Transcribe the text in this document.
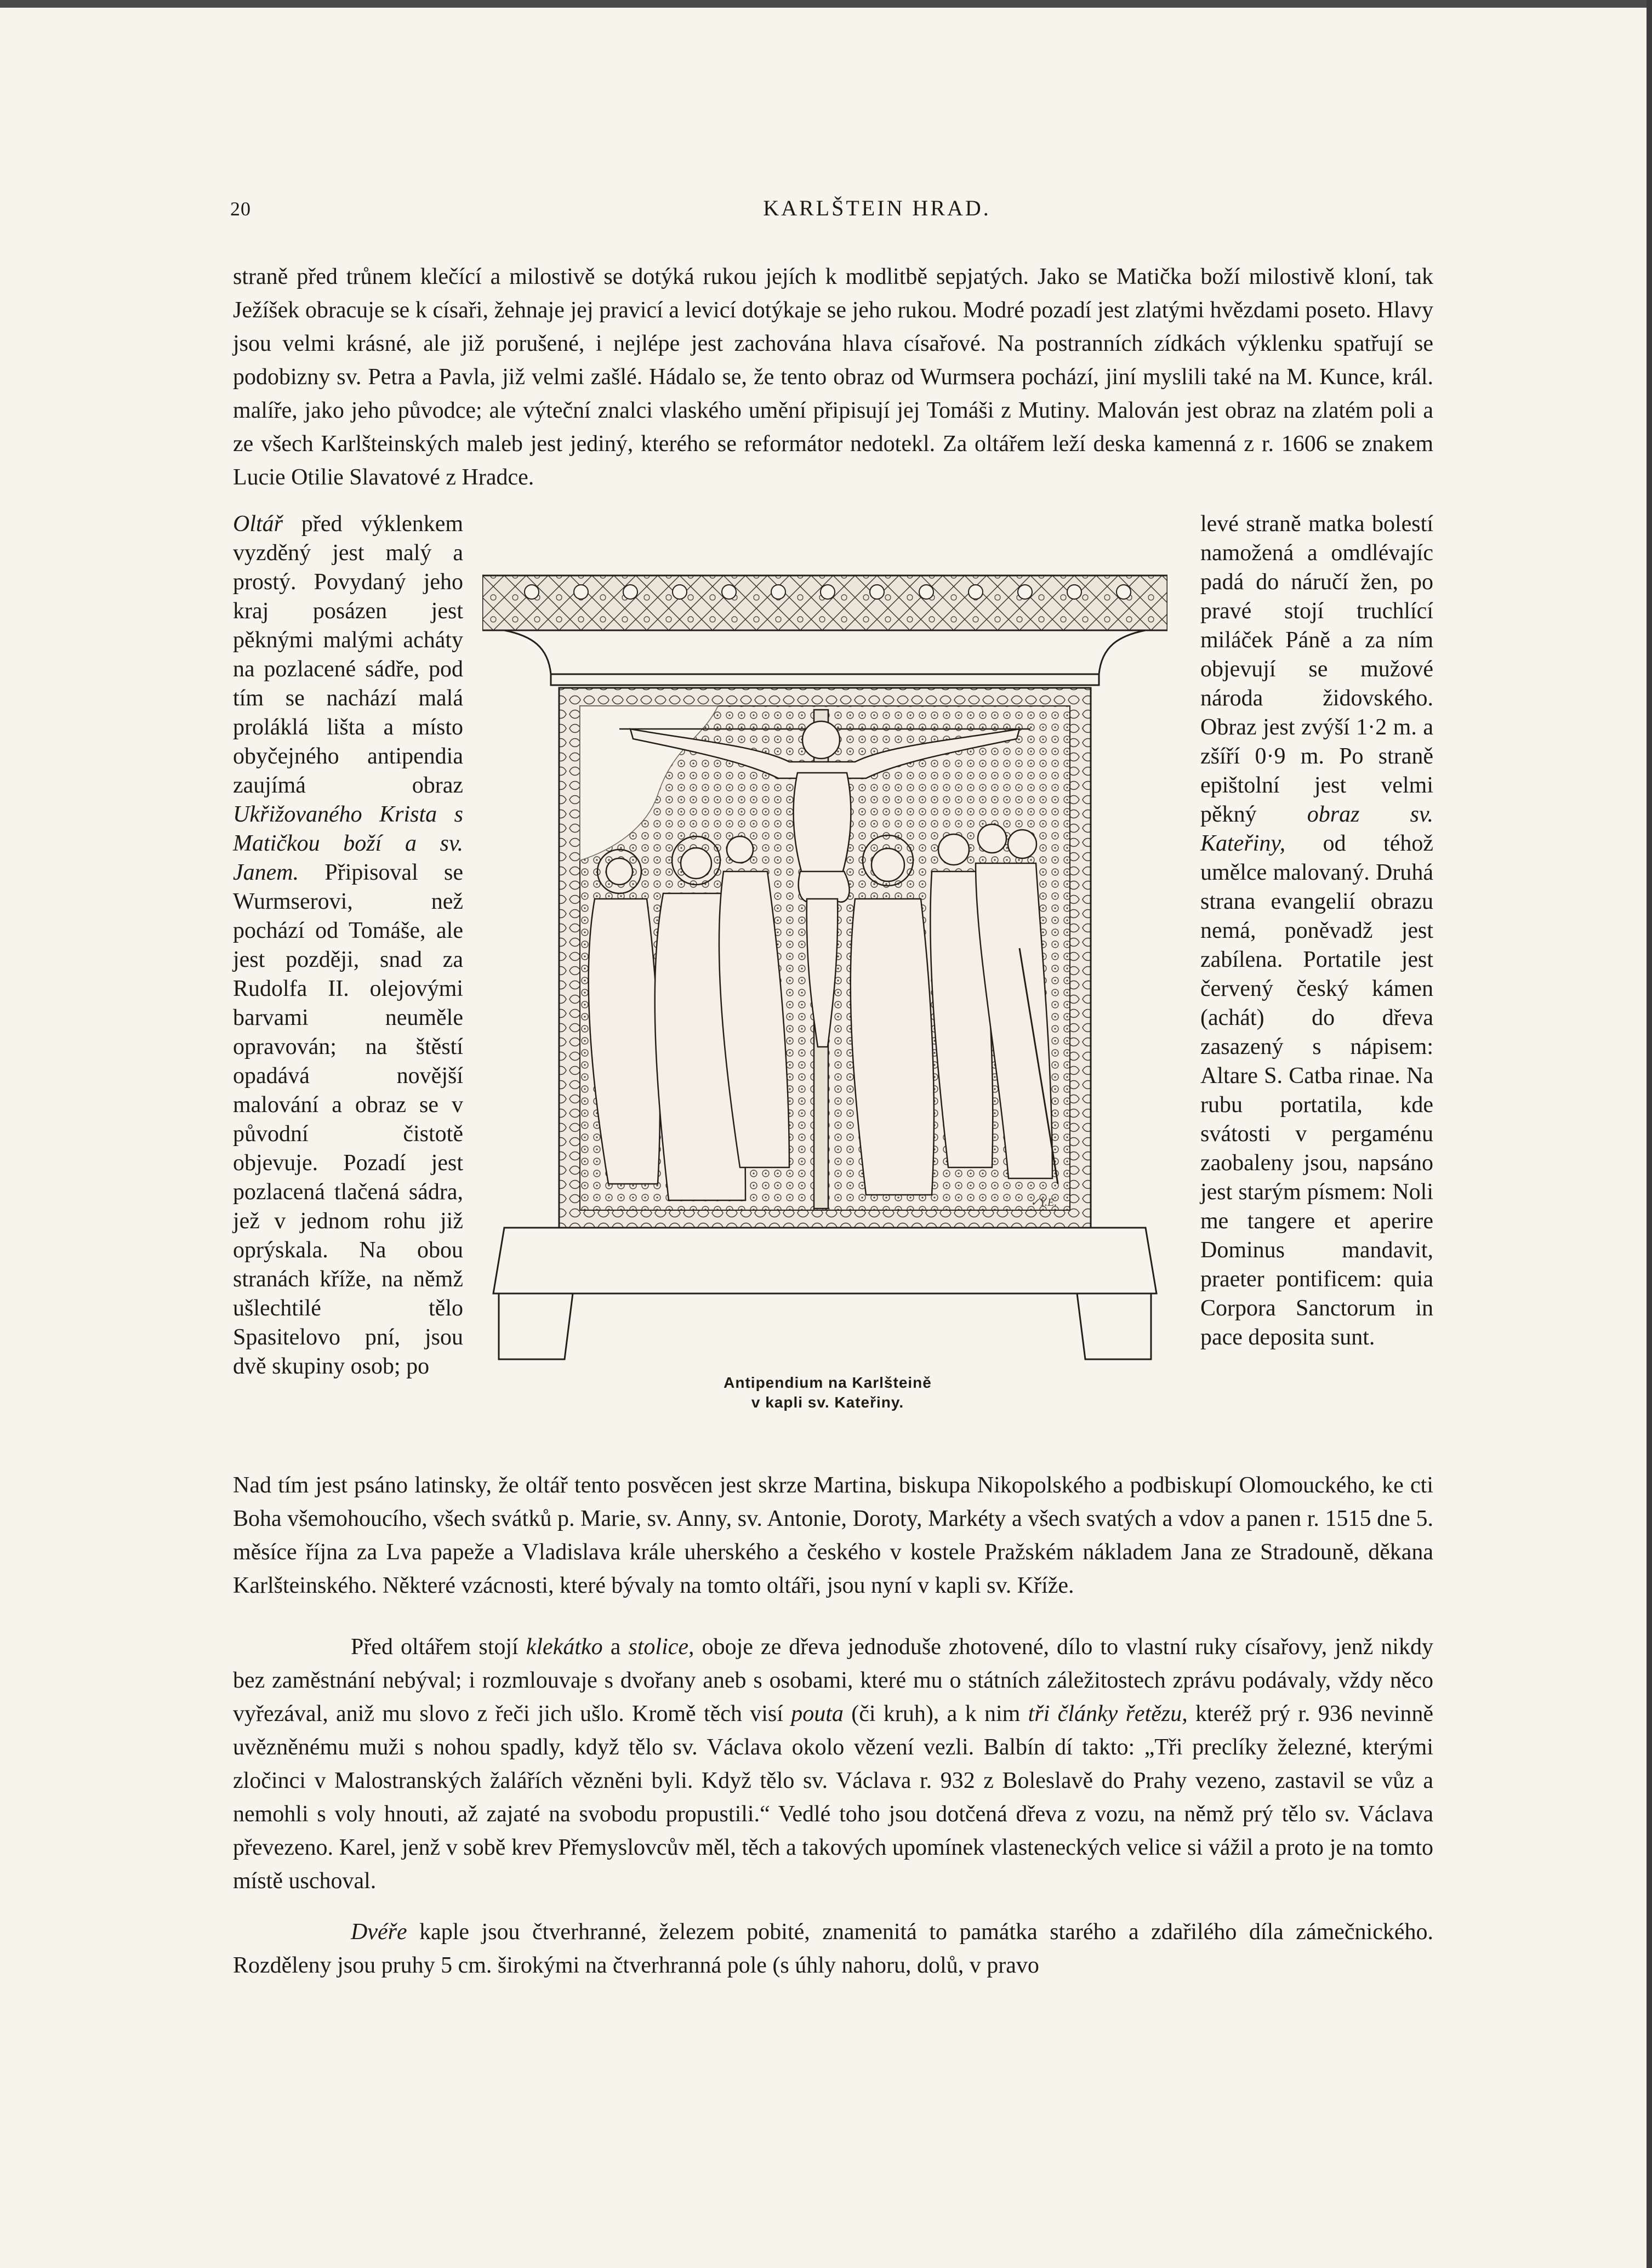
20	KARLŠTEIN HRAD.

straně před trůnem klečící a milostivě se dotýká rukou jejích k modlitbě sepjatých. Jako se Matička boží milostivě kloní, tak Ježíšek obracuje se k císaři, žehnaje jej pravicí a levicí dotýkaje se jeho rukou. Modré pozadí jest zlatými hvězdami poseto. Hlavy jsou velmi krásné, ale již porušené, i nejlépe jest zachována hlava císařové. Na postranních zídkách výklenku spatřují se podobizny sv. Petra a Pavla, již velmi zašlé. Hádalo se, že tento obraz od Wurmsera pochází, jiní myslili také na M. Kunce, král. malíře, jako jeho původce; ale výteční znalci vlaského umění připisují jej Tomáši z Mutiny. Malován jest obraz na zlatém poli a ze všech Karlšteinských maleb jest jediný, kterého se reformátor nedotekl. Za oltářem leží deska kamenná z r. 1606 se znakem Lucie Otilie Slavatové z Hradce.

Oltář před výklenkem vyzděný jest malý a prostý. Povydaný jeho kraj posázen jest pěknými malými acháty na pozlacené sádře, pod tím se nachází malá proláklá lišta a místo obyčejného antipendia zaujímá obraz Ukřižovaného Krista s Matičkou boží a sv. Janem. Připisoval se Wurmserovi, než pochází od Tomáše, ale jest později, snad za Rudolfa II. olejovými barvami neuměle opravován; na štěstí opadává novější malování a obraz se v původní čistotě objevuje. Pozadí jest pozlacená tlačená sádra, jež v jednom rohu již oprýskala. Na obou stranách kříže, na němž ušlechtilé tělo Spasitelovo pní, jsou dvě skupiny osob; po

levé straně matka bolestí namožená a omdlévajíc padá do náručí žen, po pravé stojí truchlící miláček Páně a za ním objevují se mužové národa židovského. Obraz jest zvýší 1·2 m. a zšíří 0·9 m. Po straně epištolní jest velmi pěkný obraz sv. Kateřiny, od téhož umělce malovaný. Druhá strana evangelií obrazu nemá, poněvadž jest zabílena. Portatile jest červený český kámen (achát) do dřeva zasazený s nápisem: Altare S. Catba rinae. Na rubu portatila, kde svátosti v pergaménu zaobaleny jsou, napsáno jest starým písmem: Noli me tangere et aperire Dominus mandavit, praeter pontificem: quia Corpora Sanctorum in pace deposita sunt.

✓Y.E.
Antipendium na Karlšteině
v kapli sv. Kateřiny.

Nad tím jest psáno latinsky, že oltář tento posvěcen jest skrze Martina, biskupa Nikopolského a podbiskupí Olomouckého, ke cti Boha všemohoucího, všech svátků p. Marie, sv. Anny, sv. Antonie, Doroty, Markéty a všech svatých a vdov a panen r. 1515 dne 5. měsíce října za Lva papeže a Vladislava krále uherského a českého v kostele Pražském nákladem Jana ze Stradouně, děkana Karlšteinského. Některé vzácnosti, které bývaly na tomto oltáři, jsou nyní v kapli sv. Kříže.

Před oltářem stojí klekátko a stolice, oboje ze dřeva jednoduše zhotovené, dílo to vlastní ruky císařovy, jenž nikdy bez zaměstnání nebýval; i rozmlouvaje s dvořany aneb s osobami, které mu o státních záležitostech zprávu podávaly, vždy něco vyřezával, aniž mu slovo z řeči jich ušlo. Kromě těch visí pouta (či kruh), a k nim tři články řetězu, kteréž prý r. 936 nevinně uvězněnému muži s nohou spadly, když tělo sv. Václava okolo vězení vezli. Balbín dí takto: „Tři preclíky železné, kterými zločinci v Malostranských žalářích vězněni byli. Když tělo sv. Václava r. 932 z Boleslavě do Prahy vezeno, zastavil se vůz a nemohli s voly hnouti, až zajaté na svobodu propustili.“ Vedlé toho jsou dotčená dřeva z vozu, na němž prý tělo sv. Václava převezeno. Karel, jenž v sobě krev Přemyslovcův měl, těch a takových upomínek vlasteneckých velice si vážil a proto je na tomto místě uschoval.

Dvéře kaple jsou čtverhranné, železem pobité, znamenitá to památka starého a zdařilého díla zámečnického. Rozděleny jsou pruhy 5 cm. širokými na čtverhranná pole (s úhly nahoru, dolů, v pravo
